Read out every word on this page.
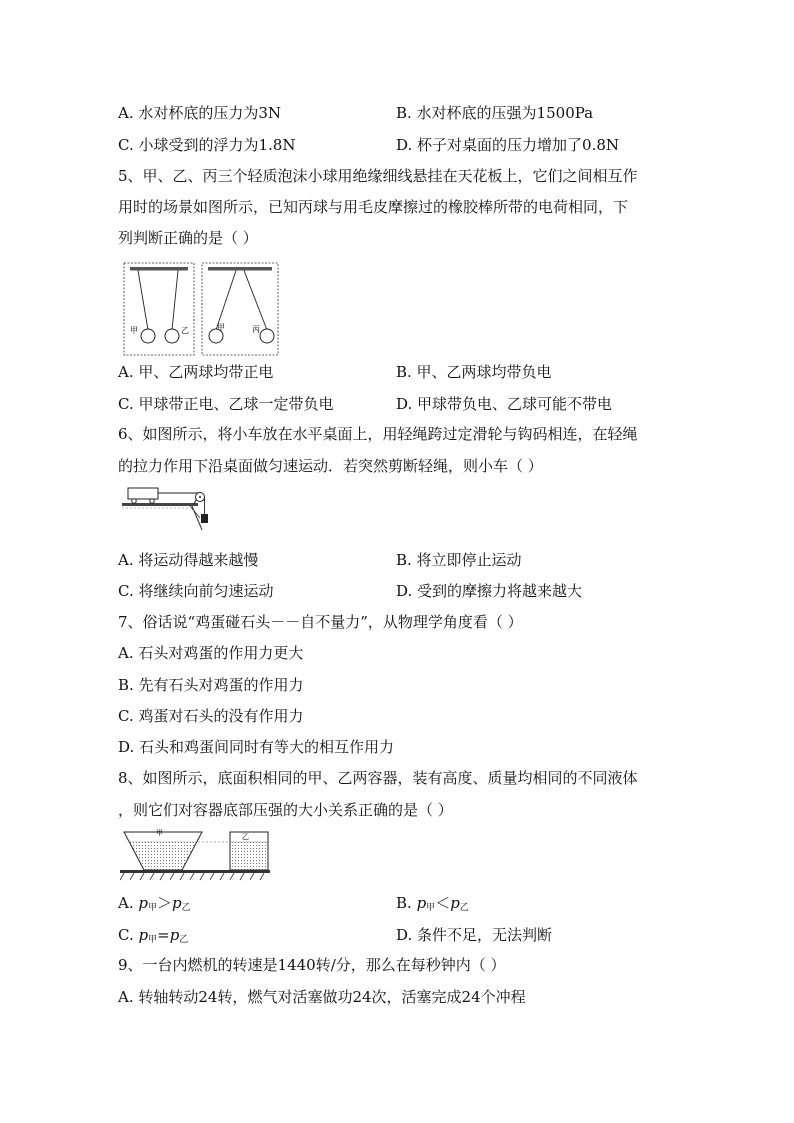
A. 水对杯底的压力为3N	B. 水对杯底的压强为1500Pa
C. 小球受到的浮力为1.8N	D. 杯子对桌面的压力增加了0.8N
5、甲、乙、丙三个轻质泡沫小球用绝缘细线悬挂在天花板上，它们之间相互作
用时的场景如图所示，已知丙球与用毛皮摩擦过的橡胶棒所带的电荷相同，下
列判断正确的是（ ）
甲	乙	甲	丙
A. 甲、乙两球均带正电	B. 甲、乙两球均带负电
C. 甲球带正电、乙球一定带负电	D. 甲球带负电、乙球可能不带电
6、如图所示，将小车放在水平桌面上，用轻绳跨过定滑轮与钩码相连，在轻绳
的拉力作用下沿桌面做匀速运动．若突然剪断轻绳，则小车（ ）
A. 将运动得越来越慢	B. 将立即停止运动
C. 将继续向前匀速运动	D. 受到的摩擦力将越来越大
7、俗话说“鸡蛋碰石头－－自不量力”，从物理学角度看（ ）
A. 石头对鸡蛋的作用力更大
B. 先有石头对鸡蛋的作用力
C. 鸡蛋对石头的没有作用力
D. 石头和鸡蛋间同时有等大的相互作用力
8、如图所示，底面积相同的甲、乙两容器，装有高度、质量均相同的不同液体
，则它们对容器底部压强的大小关系正确的是（ ）
甲	乙
A. $p_甲>p_乙$	B. $p_甲<p_乙$
C. $p_甲=p_乙$	D. 条件不足，无法判断
9、一台内燃机的转速是1440转/分，那么在每秒钟内（ ）
A. 转轴转动24转，燃气对活塞做功24次，活塞完成24个冲程
